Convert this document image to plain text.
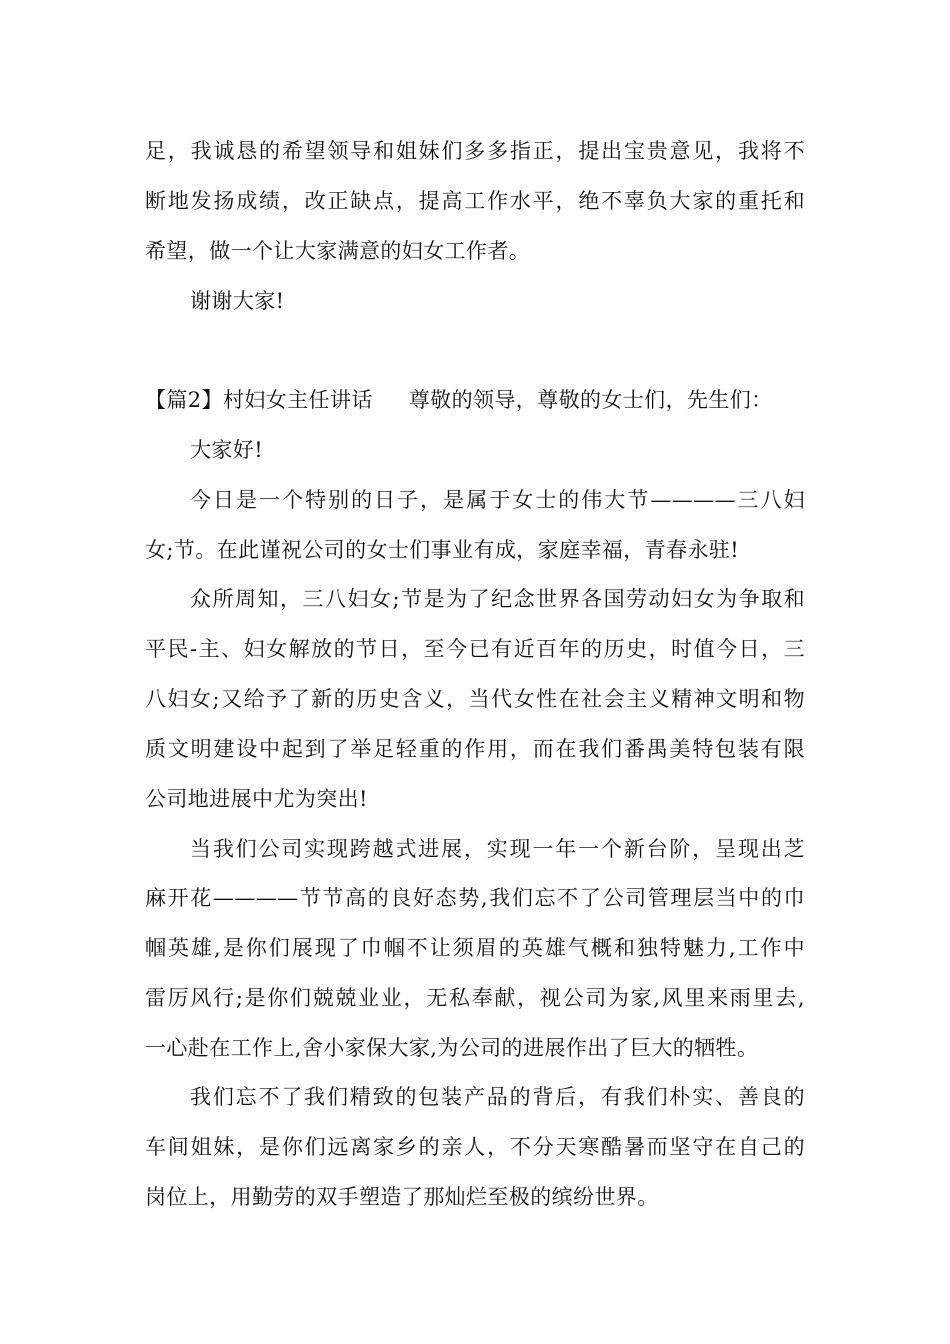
足，我诚恳的希望领导和姐妹们多多指正，提出宝贵意见，我将不
断地发扬成绩，改正缺点，提高工作水平，绝不辜负大家的重托和
希望，做一个让大家满意的妇女工作者。
谢谢大家!
【篇2】村妇女主任讲话 尊敬的领导，尊敬的女士们，先生们：
大家好!
今日是一个特别的日子，是属于女士的伟大节————三八妇
女;节。在此谨祝公司的女士们事业有成，家庭幸福，青春永驻!
众所周知，三八妇女;节是为了纪念世界各国劳动妇女为争取和
平民-主、妇女解放的节日，至今已有近百年的历史，时值今日，三
八妇女;又给予了新的历史含义，当代女性在社会主义精神文明和物
质文明建设中起到了举足轻重的作用，而在我们番禺美特包装有限
公司地进展中尤为突出!
当我们公司实现跨越式进展，实现一年一个新台阶，呈现出芝
麻开花————节节高的良好态势,我们忘不了公司管理层当中的巾
帼英雄,是你们展现了巾帼不让须眉的英雄气概和独特魅力,工作中
雷厉风行;是你们兢兢业业，无私奉献，视公司为家,风里来雨里去,
一心赴在工作上,舍小家保大家,为公司的进展作出了巨大的牺牲。
我们忘不了我们精致的包装产品的背后，有我们朴实、善良的
车间姐妹，是你们远离家乡的亲人，不分天寒酷暑而坚守在自己的
岗位上，用勤劳的双手塑造了那灿烂至极的缤纷世界。
